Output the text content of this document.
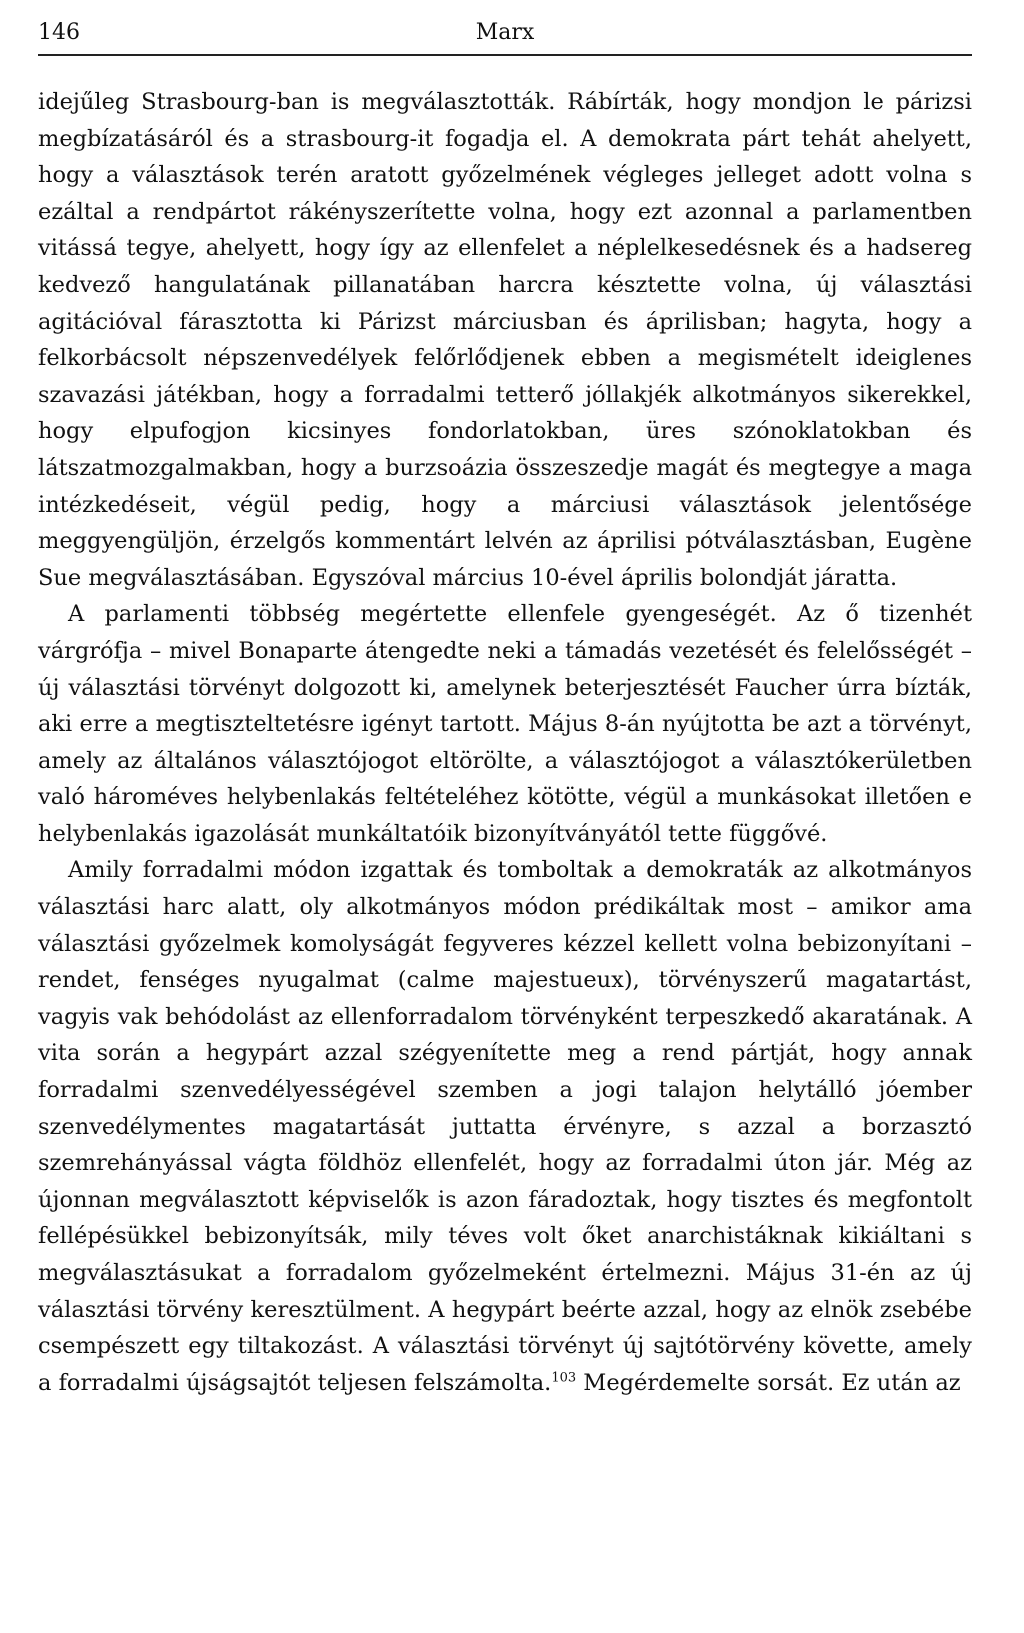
146	Marx

idejűleg Strasbourg-ban is megválasztották. Rábírták, hogy mondjon le párizsi megbízatásáról és a strasbourg-it fogadja el. A demokrata párt tehát ahelyett, hogy a választások terén aratott győzelmének végleges jelleget adott volna s ezáltal a rendpártot rákényszerítette volna, hogy ezt azonnal a parlamentben vitássá tegye, ahelyett, hogy így az ellenfelet a néplelkesedésnek és a hadsereg kedvező hangulatának pillanatában harcra késztette volna, új választási agitációval fárasztotta ki Párizst márciusban és áprilisban; hagyta, hogy a felkorbácsolt népszenvedélyek felőrlődjenek ebben a megismételt ideiglenes szavazási játékban, hogy a forradalmi tetterő jóllakjék alkotmányos sikerekkel, hogy elpufogjon kicsinyes fondorlatokban, üres szónoklatokban és látszatmozgalmakban, hogy a burzsoázia összeszedje magát és megtegye a maga intézkedéseit, végül pedig, hogy a márciusi választások jelentősége meggyengüljön, érzelgős kommentárt lelvén az áprilisi pótválasztásban, Eugène Sue megválasztásában. Egyszóval március 10-ével április bolondját járatta.

A parlamenti többség megértette ellenfele gyengeségét. Az ő tizenhét várgrófja – mivel Bonaparte átengedte neki a támadás vezetését és felelősségét – új választási törvényt dolgozott ki, amelynek beterjesztését Faucher úrra bízták, aki erre a megtiszteltetésre igényt tartott. Május 8-án nyújtotta be azt a törvényt, amely az általános választójogot eltörölte, a választójogot a választókerületben való hároméves helybenlakás feltételéhez kötötte, végül a munkásokat illetően e helybenlakás igazolását munkáltatóik bizonyítványától tette függővé.

Amily forradalmi módon izgattak és tomboltak a demokraták az alkotmányos választási harc alatt, oly alkotmányos módon prédikáltak most – amikor ama választási győzelmek komolyságát fegyveres kézzel kellett volna bebizonyítani – rendet, fenséges nyugalmat (calme majestueux), törvényszerű magatartást, vagyis vak behódolást az ellenforradalom törvényként terpeszkedő akaratának. A vita során a hegypárt azzal szégyenítette meg a rend pártját, hogy annak forradalmi szenvedélyességével szemben a jogi talajon helytálló jóember szenvedélymentes magatartását juttatta érvényre, s azzal a borzasztó szemrehányással vágta földhöz ellenfelét, hogy az forradalmi úton jár. Még az újonnan megválasztott képviselők is azon fáradoztak, hogy tisztes és megfontolt fellépésükkel bebizonyítsák, mily téves volt őket anarchistáknak kikiáltani s megválasztásukat a forradalom győzelmeként értelmezni. Május 31-én az új választási törvény keresztülment. A hegypárt beérte azzal, hogy az elnök zsebébe csempészett egy tiltakozást. A választási törvényt új sajtótörvény követte, amely a forradalmi újságsajtót teljesen felszámolta.$^{103}$ Megérdemelte sorsát. Ez után az
